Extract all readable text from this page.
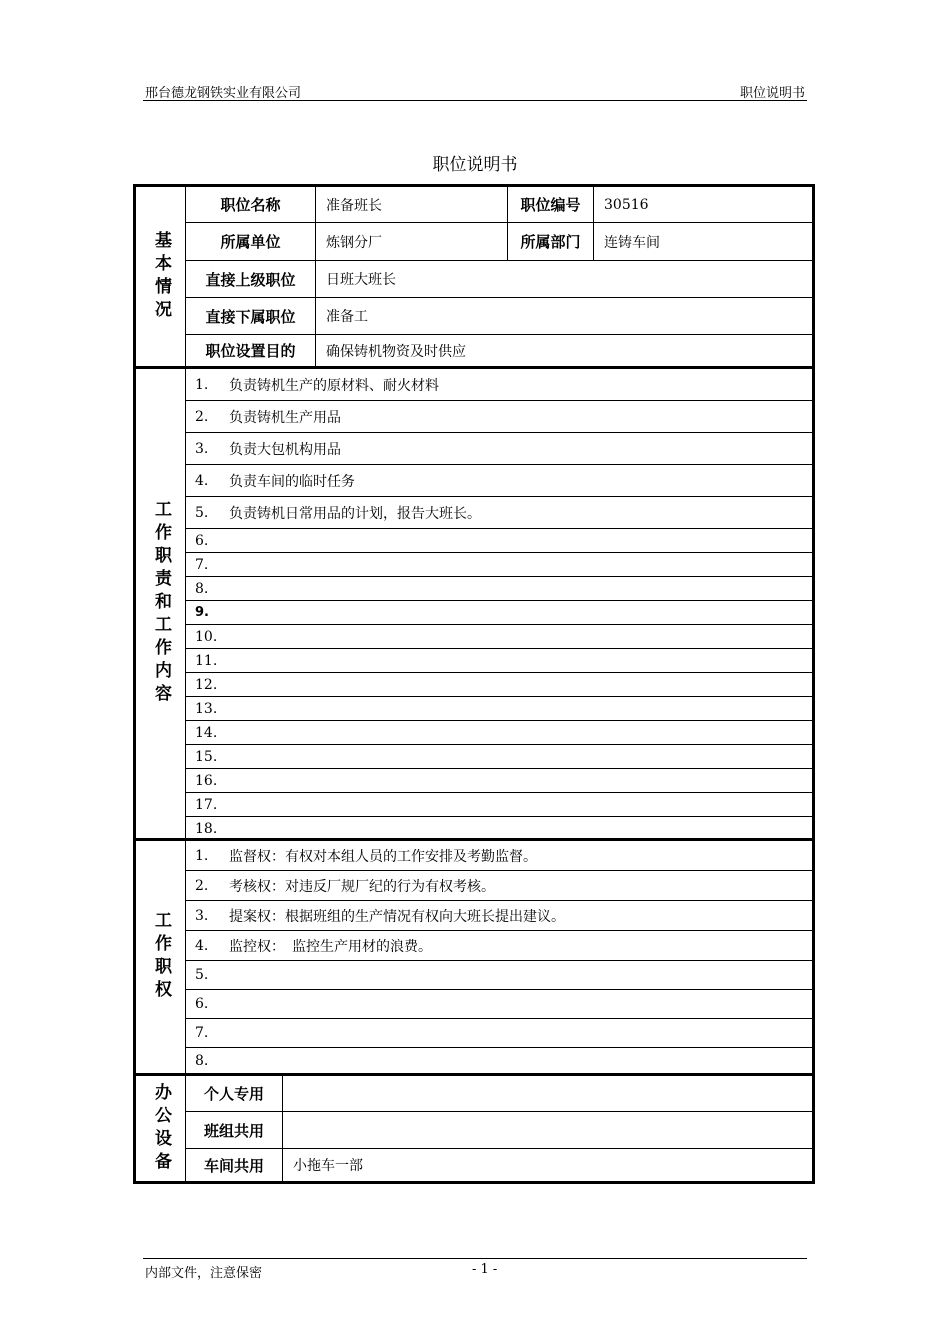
邢台德龙钢铁实业有限公司	职位说明书
职位说明书
基本情况
职位名称	准备班长	职位编号	30516
所属单位	炼钢分厂	所属部门	连铸车间
直接上级职位	日班大班长
直接下属职位	准备工
职位设置目的	确保铸机物资及时供应
工作职责和工作内容
1.	负责铸机生产的原材料、耐火材料
2.	负责铸机生产用品
3.	负责大包机构用品
4.	负责车间的临时任务
5.	负责铸机日常用品的计划，报告大班长。
6.
7.
8.
9.
10.
11.
12.
13.
14.
15.
16.
17.
18.
工作职权
1.	监督权：有权对本组人员的工作安排及考勤监督。
2.	考核权：对违反厂规厂纪的行为有权考核。
3.	提案权：根据班组的生产情况有权向大班长提出建议。
4.	监控权：　监控生产用材的浪费。
5.
6.
7.
8.
办公设备	个人专用
班组共用
车间共用	小拖车一部
内部文件，注意保密	- 1 -
